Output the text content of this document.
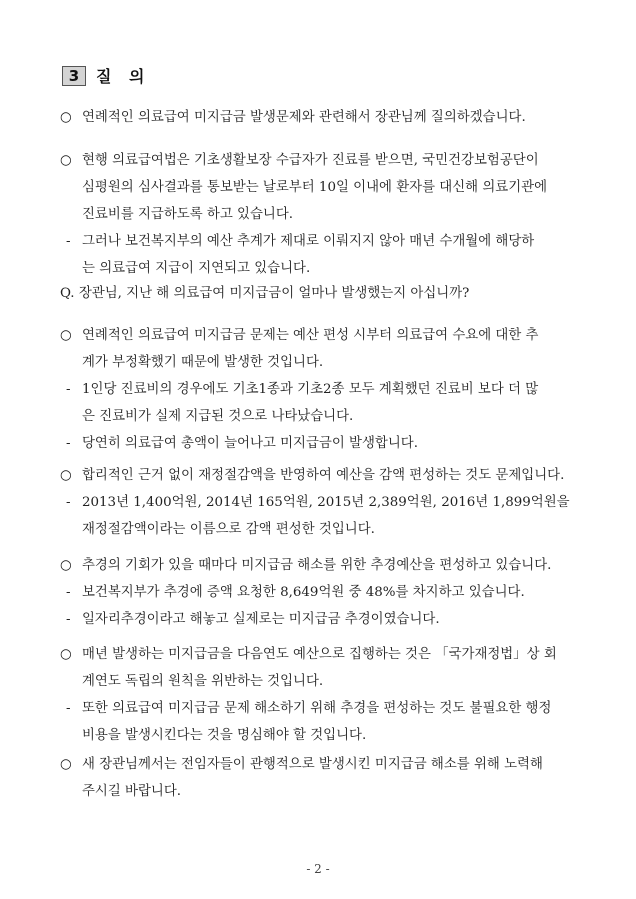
3	질 의
○ 연례적인 의료급여 미지급금 발생문제와 관련해서 장관님께 질의하겠습니다.
○ 현행 의료급여법은 기초생활보장 수급자가 진료를 받으면, 국민건강보험공단이
심평원의 심사결과를 통보받는 날로부터 10일 이내에 환자를 대신해 의료기관에
진료비를 지급하도록 하고 있습니다.
- 그러나 보건복지부의 예산 추계가 제대로 이뤄지지 않아 매년 수개월에 해당하
는 의료급여 지급이 지연되고 있습니다.
Q. 장관님, 지난 해 의료급여 미지급금이 얼마나 발생했는지 아십니까?
○ 연례적인 의료급여 미지급금 문제는 예산 편성 시부터 의료급여 수요에 대한 추
계가 부정확했기 때문에 발생한 것입니다.
- 1인당 진료비의 경우에도 기초1종과 기초2종 모두 계획했던 진료비 보다 더 많
은 진료비가 실제 지급된 것으로 나타났습니다.
- 당연히 의료급여 총액이 늘어나고 미지급금이 발생합니다.
○ 합리적인 근거 없이 재정절감액을 반영하여 예산을 감액 편성하는 것도 문제입니다.
- 2013년 1,400억원, 2014년 165억원, 2015년 2,389억원, 2016년 1,899억원을
재정절감액이라는 이름으로 감액 편성한 것입니다.
○ 추경의 기회가 있을 때마다 미지급금 해소를 위한 추경예산을 편성하고 있습니다.
- 보건복지부가 추경에 증액 요청한 8,649억원 중 48%를 차지하고 있습니다.
- 일자리추경이라고 해놓고 실제로는 미지급금 추경이였습니다.
○ 매년 발생하는 미지급금을 다음연도 예산으로 집행하는 것은 「국가재정법」상 회
계연도 독립의 원칙을 위반하는 것입니다.
- 또한 의료급여 미지급금 문제 해소하기 위해 추경을 편성하는 것도 불필요한 행정
비용을 발생시킨다는 것을 명심해야 할 것입니다.
○ 새 장관님께서는 전임자들이 관행적으로 발생시킨 미지급금 해소를 위해 노력해
주시길 바랍니다.
- 2 -
